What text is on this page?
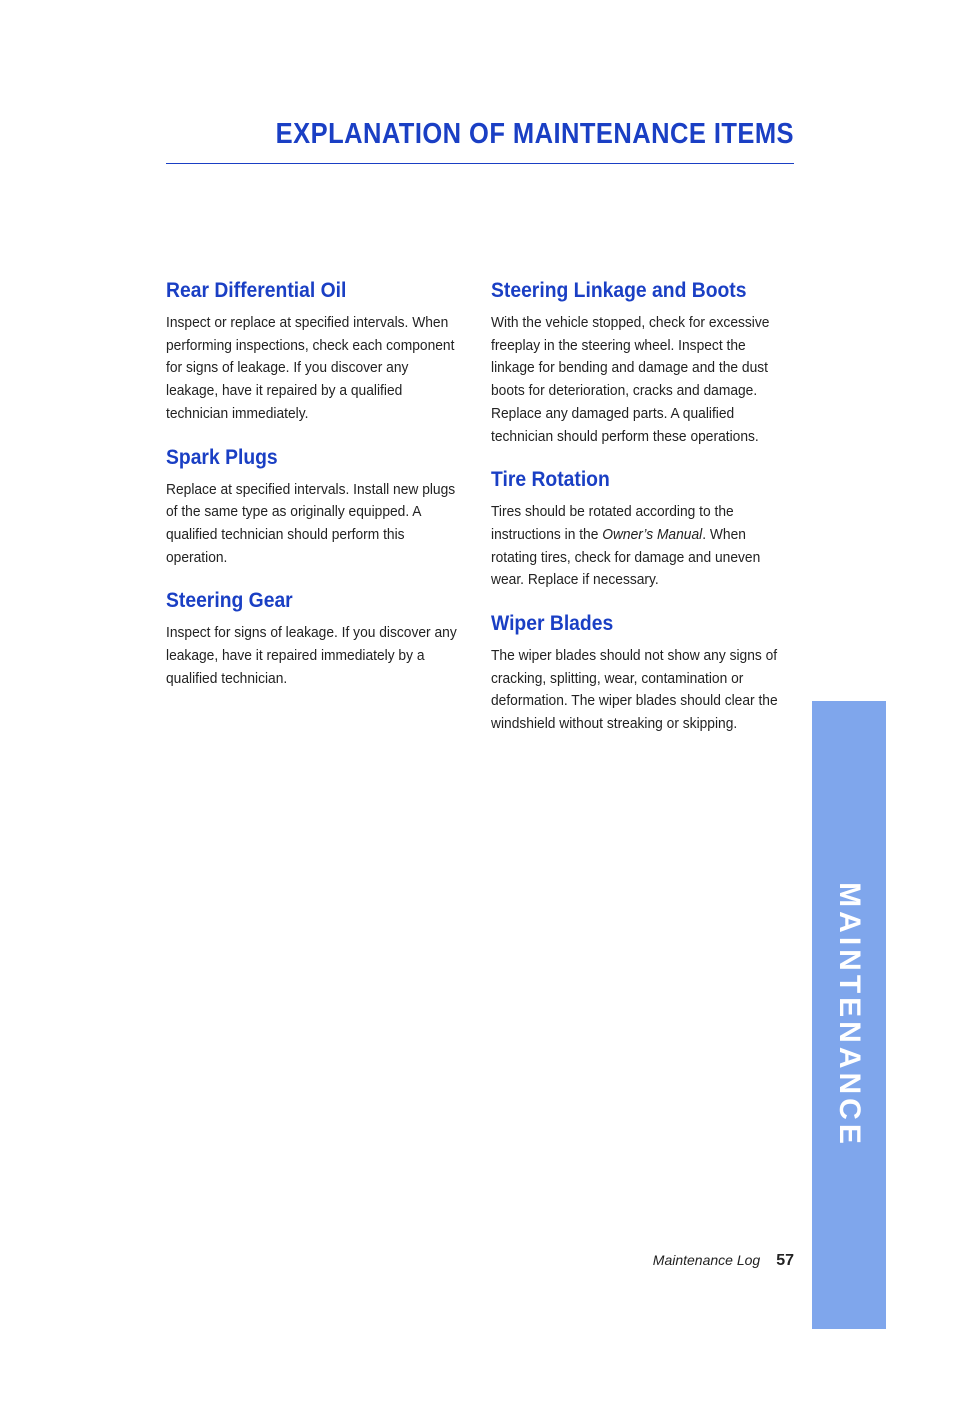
EXPLANATION OF MAINTENANCE ITEMS
Rear Differential Oil

Inspect or replace at specified intervals. When performing inspections, check each component for signs of leakage. If you discover any leakage, have it repaired by a qualified technician immediately.

Spark Plugs

Replace at specified intervals. Install new plugs of the same type as originally equipped. A qualified technician should perform this operation.

Steering Gear

Inspect for signs of leakage. If you discover any leakage, have it repaired immediately by a qualified technician.

Steering Linkage and Boots

With the vehicle stopped, check for excessive freeplay in the steering wheel. Inspect the linkage for bending and damage and the dust boots for deterioration, cracks and damage. Replace any damaged parts. A qualified technician should perform these operations.

Tire Rotation

Tires should be rotated according to the instructions in the Owner’s Manual. When rotating tires, check for damage and uneven wear. Replace if necessary.

Wiper Blades

The wiper blades should not show any signs of cracking, splitting, wear, contamination or deformation. The wiper blades should clear the windshield without streaking or skipping.

MAINTENANCE
Maintenance Log 57
